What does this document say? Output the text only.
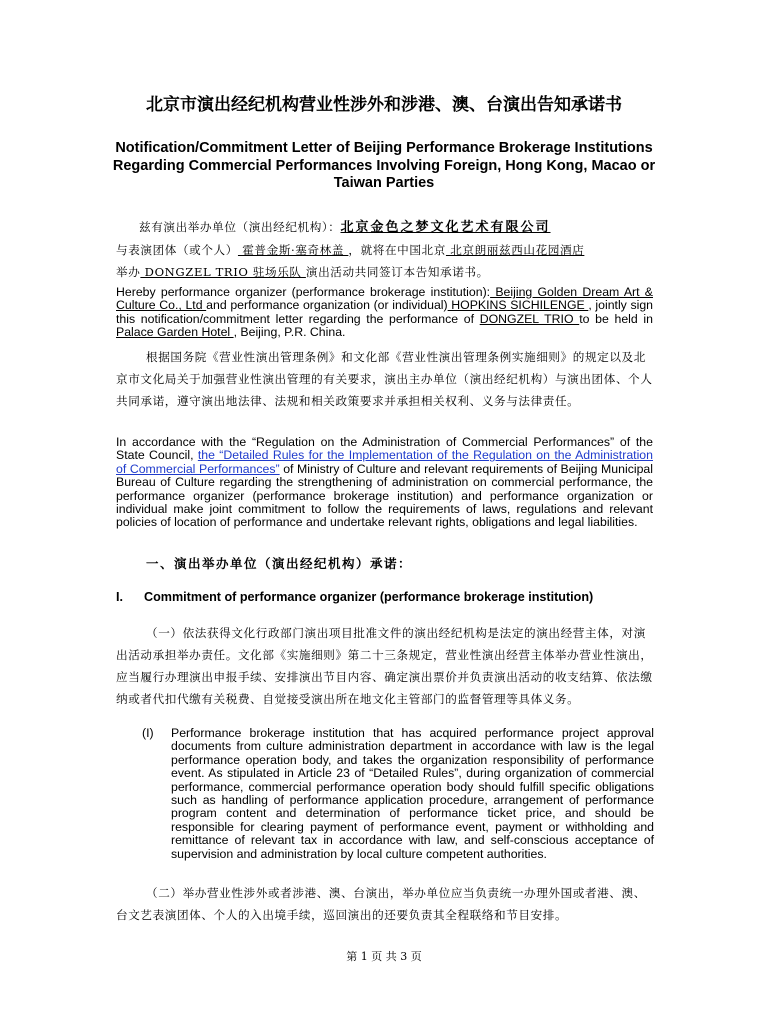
北京市演出经纪机构营业性涉外和涉港、澳、台演出告知承诺书
Notification/Commitment Letter of Beijing Performance Brokerage Institutions Regarding Commercial Performances Involving Foreign, Hong Kong, Macao or Taiwan Parties

兹有演出举办单位（演出经纪机构）：北京金色之梦文化艺术有限公司
与表演团体（或个人） 霍普金斯·塞奇林盖 ，就将在中国北京 北京朗丽兹西山花园酒店
举办 DONGZEL TRIO 驻场乐队 演出活动共同签订本告知承诺书。

Hereby performance organizer (performance brokerage institution): Beijing Golden Dream Art & Culture Co., Ltd and performance organization (or individual) HOPKINS SICHILENGE , jointly sign this notification/commitment letter regarding the performance of DONGZEL TRIO to be held in Palace Garden Hotel , Beijing, P.R. China.

根据国务院《营业性演出管理条例》和文化部《营业性演出管理条例实施细则》的规定以及北京市文化局关于加强营业性演出管理的有关要求，演出主办单位（演出经纪机构）与演出团体、个人共同承诺，遵守演出地法律、法规和相关政策要求并承担相关权利、义务与法律责任。

In accordance with the “Regulation on the Administration of Commercial Performances” of the State Council, the “Detailed Rules for the Implementation of the Regulation on the Administration of Commercial Performances” of Ministry of Culture and relevant requirements of Beijing Municipal Bureau of Culture regarding the strengthening of administration on commercial performance, the performance organizer (performance brokerage institution) and performance organization or individual make joint commitment to follow the requirements of laws, regulations and relevant policies of location of performance and undertake relevant rights, obligations and legal liabilities.

一、演出举办单位（演出经纪机构）承诺：

I. Commitment of performance organizer (performance brokerage institution)

（一）依法获得文化行政部门演出项目批准文件的演出经纪机构是法定的演出经营主体，对演出活动承担举办责任。文化部《实施细则》第二十三条规定，营业性演出经营主体举办营业性演出，应当履行办理演出申报手续、安排演出节目内容、确定演出票价并负责演出活动的收支结算、依法缴纳或者代扣代缴有关税费、自觉接受演出所在地文化主管部门的监督管理等具体义务。

(I)	Performance brokerage institution that has acquired performance project approval documents from culture administration department in accordance with law is the legal performance operation body, and takes the organization responsibility of performance event. As stipulated in Article 23 of “Detailed Rules”, during organization of commercial performance, commercial performance operation body should fulfill specific obligations such as handling of performance application procedure, arrangement of performance program content and determination of performance ticket price, and should be responsible for clearing payment of performance event, payment or withholding and remittance of relevant tax in accordance with law, and self-conscious acceptance of supervision and administration by local culture competent authorities.

（二）举办营业性涉外或者涉港、澳、台演出，举办单位应当负责统一办理外国或者港、澳、台文艺表演团体、个人的入出境手续，巡回演出的还要负责其全程联络和节目安排。

第 1 页 共 3 页
